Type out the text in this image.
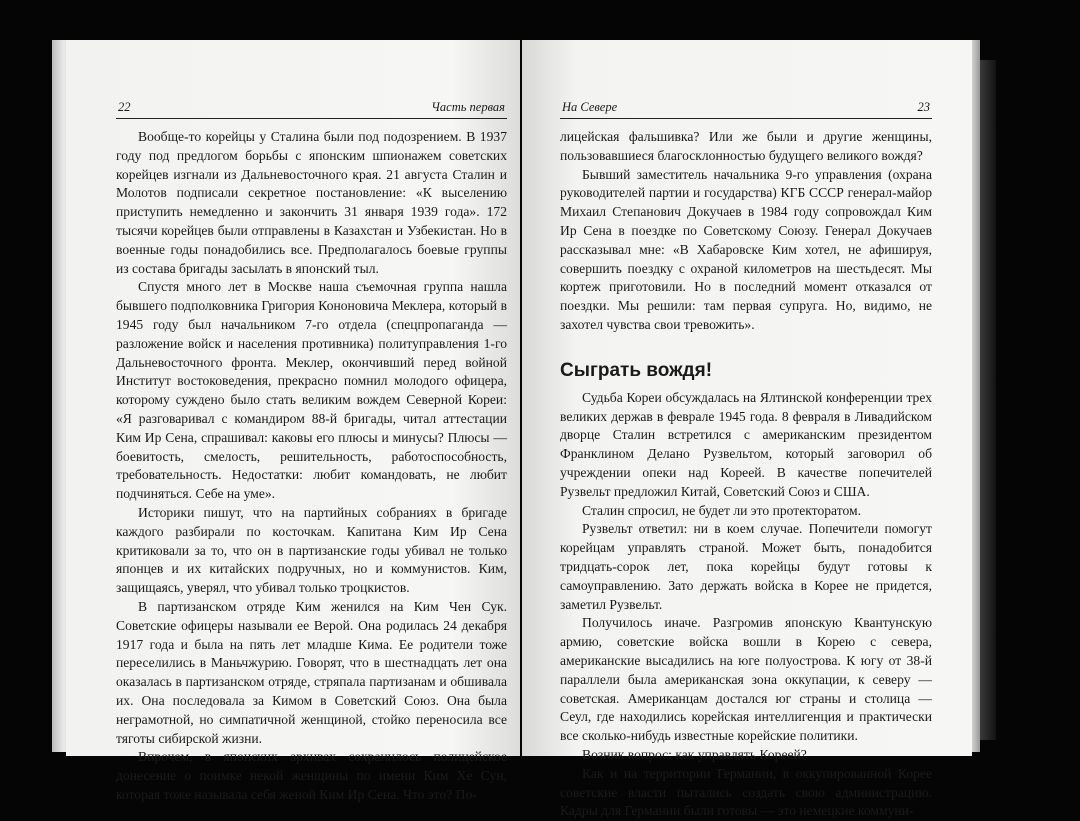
22	Часть первая

Вообще-то корейцы у Сталина были под подозрением. В 1937 году под предлогом борьбы с японским шпионажем советских корейцев изгнали из Дальневосточного края. 21 августа Сталин и Молотов подписали секретное постановление: «К выселению приступить немедленно и закончить 31 января 1939 года». 172 тысячи корейцев были отправлены в Казахстан и Узбекистан. Но в военные годы понадобились все. Предполагалось боевые группы из состава бригады засылать в японский тыл.

Спустя много лет в Москве наша съемочная группа нашла бывшего подполковника Григория Кононовича Меклера, который в 1945 году был начальником 7-го отдела (спецпропаганда — разложение войск и населения противника) политуправления 1-го Дальневосточного фронта. Меклер, окончивший перед войной Институт востоковедения, прекрасно помнил молодого офицера, которому суждено было стать великим вождем Северной Кореи: «Я разговаривал с командиром 88-й бригады, читал аттестации Ким Ир Сена, спрашивал: каковы его плюсы и минусы? Плюсы — боевитость, смелость, решительность, работоспособность, требовательность. Недостатки: любит командовать, не любит подчиняться. Себе на уме».

Историки пишут, что на партийных собраниях в бригаде каждого разбирали по косточкам. Капитана Ким Ир Сена критиковали за то, что он в партизанские годы убивал не только японцев и их китайских подручных, но и коммунистов. Ким, защищаясь, уверял, что убивал только троцкистов.

В партизанском отряде Ким женился на Ким Чен Сук. Советские офицеры называли ее Верой. Она родилась 24 декабря 1917 года и была на пять лет младше Кима. Ее родители тоже переселились в Маньчжурию. Говорят, что в шестнадцать лет она оказалась в партизанском отряде, стряпала партизанам и обшивала их. Она последовала за Кимом в Советский Союз. Она была неграмотной, но симпатичной женщиной, стойко переносила все тяготы сибирской жизни.

Впрочем, в японских архивах сохранилось полицейское донесение о поимке некой женщины по имени Ким Хе Сун, которая тоже называла себя женой Ким Ир Сена. Что это? По-

На Севере	23

лицейская фальшивка? Или же были и другие женщины, пользовавшиеся благосклонностью будущего великого вождя?

Бывший заместитель начальника 9-го управления (охрана руководителей партии и государства) КГБ СССР генерал-майор Михаил Степанович Докучаев в 1984 году сопровождал Ким Ир Сена в поездке по Советскому Союзу. Генерал Докучаев рассказывал мне: «В Хабаровске Ким хотел, не афишируя, совершить поездку с охраной километров на шестьдесят. Мы кортеж приготовили. Но в последний момент отказался от поездки. Мы решили: там первая супруга. Но, видимо, не захотел чувства свои тревожить».

Сыграть вождя!

Судьба Кореи обсуждалась на Ялтинской конференции трех великих держав в феврале 1945 года. 8 февраля в Ливадийском дворце Сталин встретился с американским президентом Франклином Делано Рузвельтом, который заговорил об учреждении опеки над Кореей. В качестве попечителей Рузвельт предложил Китай, Советский Союз и США.

Сталин спросил, не будет ли это протекторатом.

Рузвельт ответил: ни в коем случае. Попечители помогут корейцам управлять страной. Может быть, понадобится тридцать-сорок лет, пока корейцы будут готовы к самоуправлению. Зато держать войска в Корее не придется, заметил Рузвельт.

Получилось иначе. Разгромив японскую Квантунскую армию, советские войска вошли в Корею с севера, американские высадились на юге полуострова. К югу от 38-й параллели была американская зона оккупации, к северу — советская. Американцам достался юг страны и столица — Сеул, где находились корейская интеллигенция и практически все сколько-нибудь известные корейские политики.

Возник вопрос: как управлять Кореей?

Как и на территории Германии, в оккупированной Корее советские власти пытались создать свою администрацию. Кадры для Германии были готовы — это немецкие коммуни-
